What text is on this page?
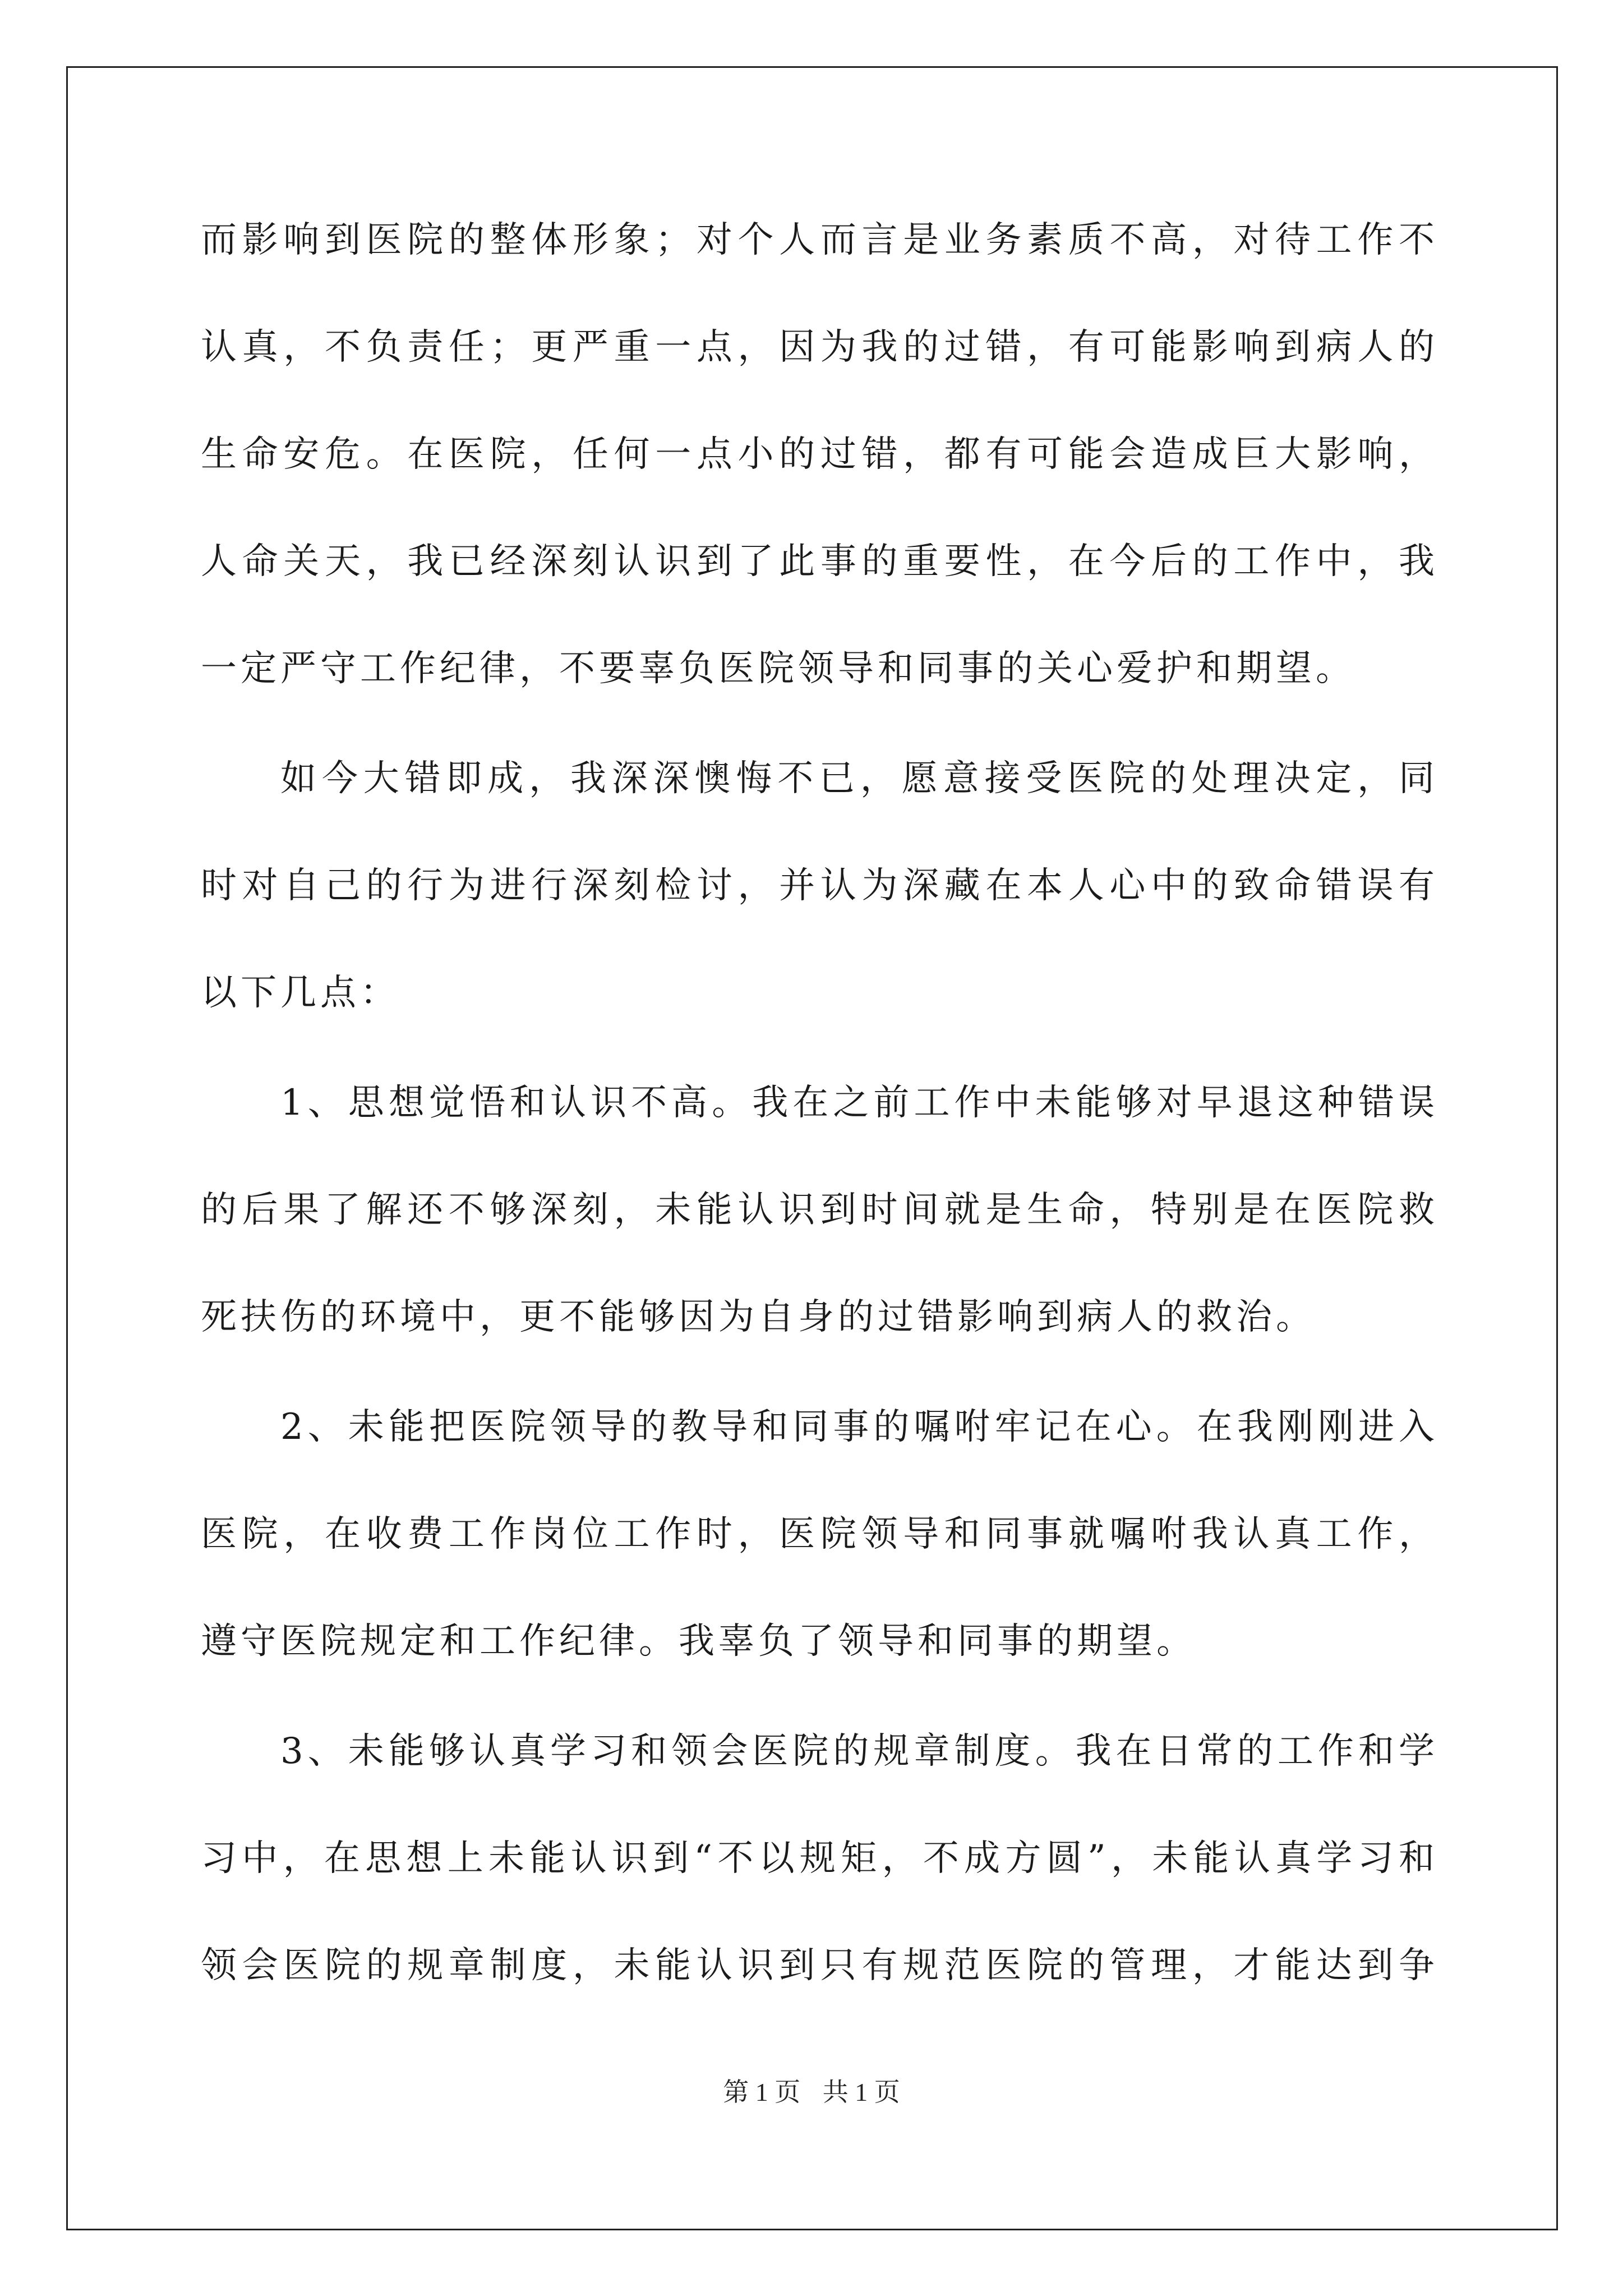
而影响到医院的整体形象；对个人而言是业务素质不高，对待工作不
认真，不负责任；更严重一点，因为我的过错，有可能影响到病人的
生命安危。在医院，任何一点小的过错，都有可能会造成巨大影响，
人命关天，我已经深刻认识到了此事的重要性，在今后的工作中，我
一定严守工作纪律，不要辜负医院领导和同事的关心爱护和期望。
如今大错即成，我深深懊悔不已，愿意接受医院的处理决定，同
时对自己的行为进行深刻检讨，并认为深藏在本人心中的致命错误有
以下几点：
1、思想觉悟和认识不高。我在之前工作中未能够对早退这种错误
的后果了解还不够深刻，未能认识到时间就是生命，特别是在医院救
死扶伤的环境中，更不能够因为自身的过错影响到病人的救治。
2、未能把医院领导的教导和同事的嘱咐牢记在心。在我刚刚进入
医院，在收费工作岗位工作时，医院领导和同事就嘱咐我认真工作，
遵守医院规定和工作纪律。我辜负了领导和同事的期望。
3、未能够认真学习和领会医院的规章制度。我在日常的工作和学
习中，在思想上未能认识到“不以规矩，不成方圆”，未能认真学习和
领会医院的规章制度，未能认识到只有规范医院的管理，才能达到争
第 1 页 共 1 页
